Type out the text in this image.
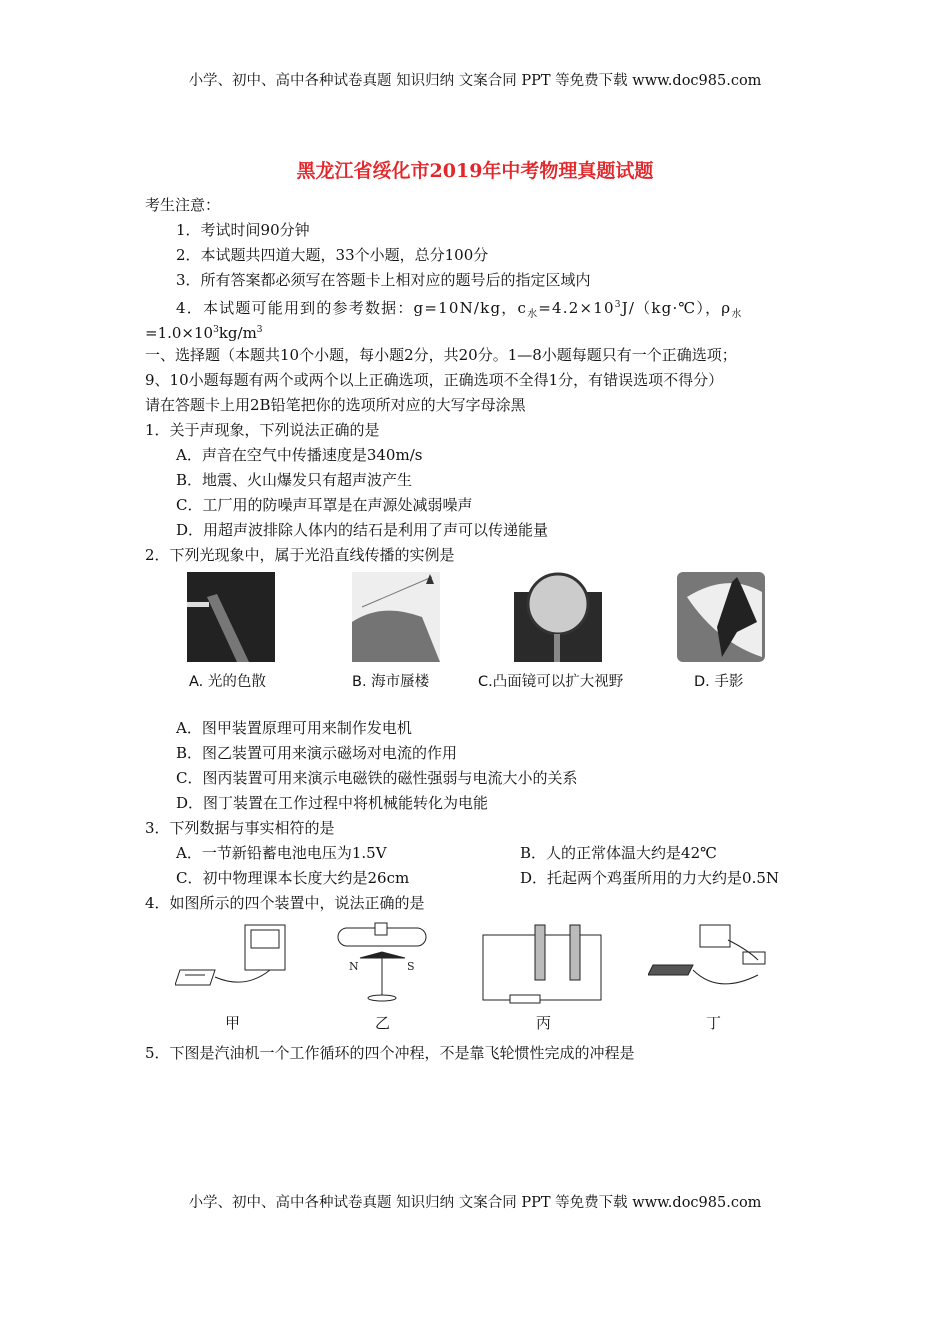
小学、初中、高中各种试卷真题 知识归纳 文案合同 PPT 等免费下载 www.doc985.com
黑龙江省绥化市2019年中考物理真题试题
考生注意：
1．考试时间90分钟
2．本试题共四道大题，33个小题，总分100分
3．所有答案都必须写在答题卡上相对应的题号后的指定区域内
4．本试题可能用到的参考数据：g=10N/kg，$c_水=4.2\times 10^3J/(kg\cdot℃)$，$\rho_水$
$=1.0\times 10^3kg/m^3$
一、选择题（本题共10个小题，每小题2分，共20分。1—8小题每题只有一个正确选项；
9、10小题每题有两个或两个以上正确选项，正确选项不全得1分，有错误选项不得分）
请在答题卡上用2B铅笔把你的选项所对应的大写字母涂黑
1．关于声现象，下列说法正确的是
A．声音在空气中传播速度是340m/s
B．地震、火山爆发只有超声波产生
C．工厂用的防噪声耳罩是在声源处减弱噪声
D．用超声波排除人体内的结石是利用了声可以传递能量
2．下列光现象中，属于光沿直线传播的实例是
A. 光的色散	B. 海市蜃楼	C.凸面镜可以扩大视野	D. 手影
A．图甲装置原理可用来制作发电机
B．图乙装置可用来演示磁场对电流的作用
C．图丙装置可用来演示电磁铁的磁性强弱与电流大小的关系
D．图丁装置在工作过程中将机械能转化为电能
3．下列数据与事实相符的是
A．一节新铅蓄电池电压为1.5V	B．人的正常体温大约是42℃
C．初中物理课本长度大约是26cm	D．托起两个鸡蛋所用的力大约是0.5N
4．如图所示的四个装置中，说法正确的是
N	S
甲	乙	丙	丁
5．下图是汽油机一个工作循环的四个冲程，不是靠飞轮惯性完成的冲程是
小学、初中、高中各种试卷真题 知识归纳 文案合同 PPT 等免费下载 www.doc985.com
